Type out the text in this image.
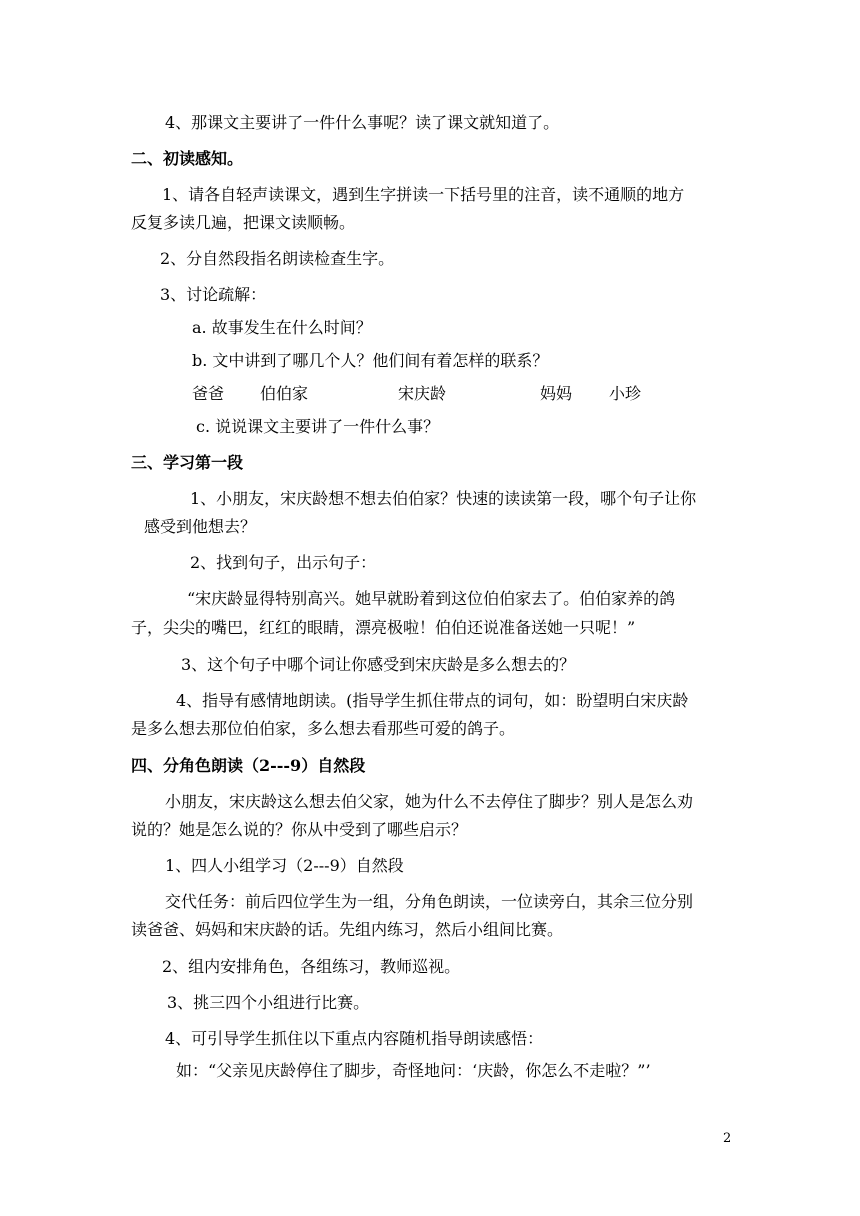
4、那课文主要讲了一件什么事呢？读了课文就知道了。
二、初读感知。
1、请各自轻声读课文，遇到生字拼读一下括号里的注音，读不通顺的地方
反复多读几遍，把课文读顺畅。
2、分自然段指名朗读检查生字。
3、讨论疏解：
a. 故事发生在什么时间？
b. 文中讲到了哪几个人？他们间有着怎样的联系？
爸爸 伯伯家	宋庆龄	妈妈 小珍
c. 说说课文主要讲了一件什么事？
三、学习第一段
1、小朋友，宋庆龄想不想去伯伯家？快速的读读第一段，哪个句子让你
感受到他想去？
2、找到句子，出示句子：
“宋庆龄显得特别高兴。她早就盼着到这位伯伯家去了。伯伯家养的鸽
子，尖尖的嘴巴，红红的眼睛，漂亮极啦！伯伯还说准备送她一只呢！”
3、这个句子中哪个词让你感受到宋庆龄是多么想去的？
4、指导有感情地朗读。(指导学生抓住带点的词句，如：盼望明白宋庆龄
是多么想去那位伯伯家，多么想去看那些可爱的鸽子。
四、分角色朗读（2---9）自然段
小朋友，宋庆龄这么想去伯父家，她为什么不去停住了脚步？别人是怎么劝
说的？她是怎么说的？你从中受到了哪些启示？
1、四人小组学习（2---9）自然段
交代任务：前后四位学生为一组，分角色朗读，一位读旁白，其余三位分别
读爸爸、妈妈和宋庆龄的话。先组内练习，然后小组间比赛。
2、组内安排角色，各组练习，教师巡视。
3、挑三四个小组进行比赛。
4、可引导学生抓住以下重点内容随机指导朗读感悟：
如：“父亲见庆龄停住了脚步，奇怪地问：‘庆龄，你怎么不走啦？”’
2
